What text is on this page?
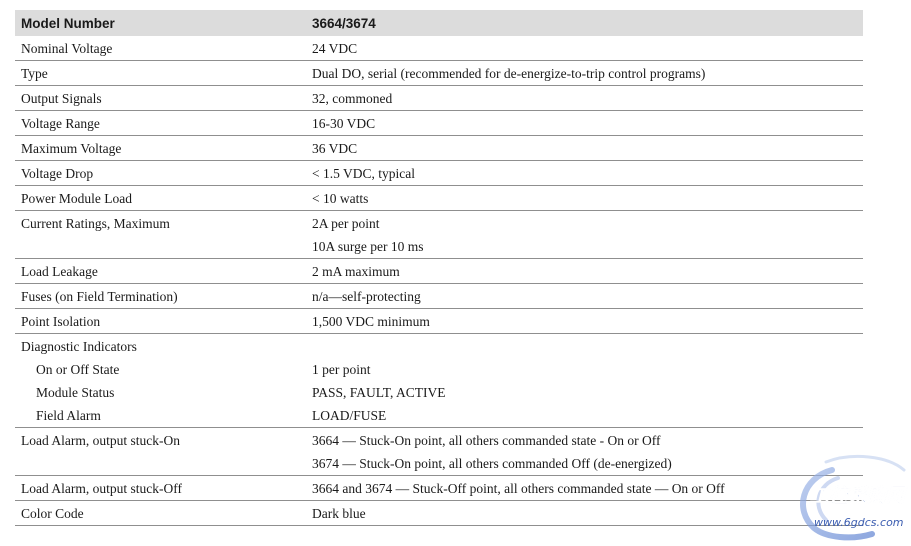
Model Number	3664/3674

Nominal Voltage	24 VDC

Type	Dual DO, serial (recommended for de-energize-to-trip control programs)

Output Signals	32, commoned

Voltage Range	16-30 VDC

Maximum Voltage	36 VDC

Voltage Drop	< 1.5 VDC, typical

Power Module Load	< 10 watts

Current Ratings, Maximum	2A per point
10A surge per 10 ms

Load Leakage	2 mA maximum

Fuses (on Field Termination)	n/a—self-protecting

Point Isolation	1,500 VDC minimum

Diagnostic Indicators	

On or Off State	1 per point

Module Status	PASS, FAULT, ACTIVE

Field Alarm	LOAD/FUSE

Load Alarm, output stuck-On	3664 — Stuck-On point, all others commanded state - On or Off
3674 — Stuck-On point, all others commanded Off (de-energized)

Load Alarm, output stuck-Off	3664 and 3674 — Stuck-Off point, all others commanded state — On or Off

Color Code	Dark blue
工控采购网
www.6gdcs.com
